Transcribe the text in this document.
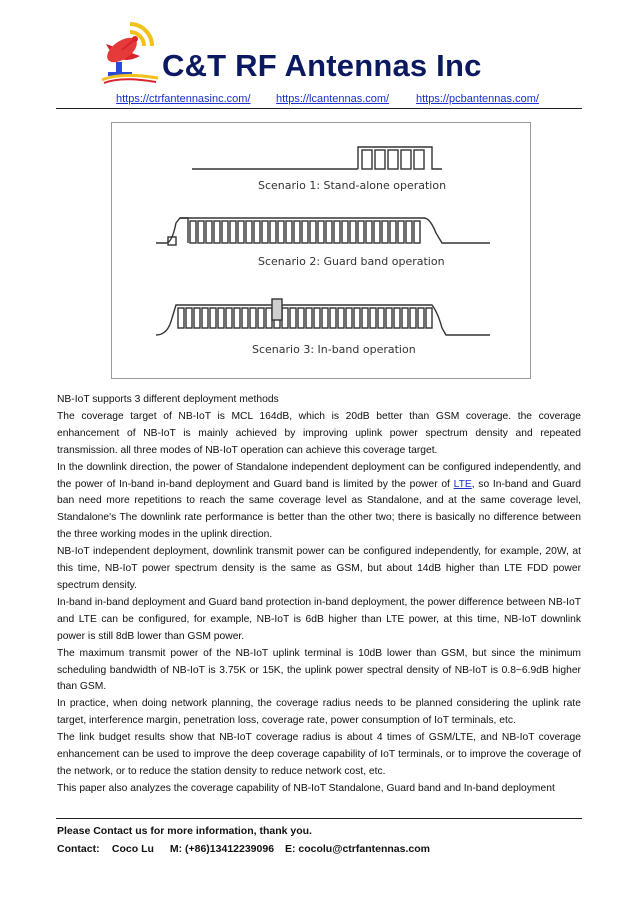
C&T RF Antennas Inc
https://ctrfantennasinc.com/ https://lcantennas.com/ https://pcbantennas.com/
Scenario 1: Stand-alone operation
Scenario 2: Guard band operation
Scenario 3: In-band operation

NB-IoT supports 3 different deployment methods

The coverage target of NB-IoT is MCL 164dB, which is 20dB better than GSM coverage. the coverage enhancement of NB-IoT is mainly achieved by improving uplink power spectrum density and repeated transmission. all three modes of NB-IoT operation can achieve this coverage target.

In the downlink direction, the power of Standalone independent deployment can be configured independently, and the power of In-band in-band deployment and Guard band is limited by the power of LTE, so In-band and Guard ban need more repetitions to reach the same coverage level as Standalone, and at the same coverage level, Standalone's The downlink rate performance is better than the other two; there is basically no difference between the three working modes in the uplink direction.

NB-IoT independent deployment, downlink transmit power can be configured independently, for example, 20W, at this time, NB-IoT power spectrum density is the same as GSM, but about 14dB higher than LTE FDD power spectrum density.

In-band in-band deployment and Guard band protection in-band deployment, the power difference between NB-IoT and LTE can be configured, for example, NB-IoT is 6dB higher than LTE power, at this time, NB-IoT downlink power is still 8dB lower than GSM power.

The maximum transmit power of the NB-IoT uplink terminal is 10dB lower than GSM, but since the minimum scheduling bandwidth of NB-IoT is 3.75K or 15K, the uplink power spectral density of NB-IoT is 0.8~6.9dB higher than GSM.

In practice, when doing network planning, the coverage radius needs to be planned considering the uplink rate target, interference margin, penetration loss, coverage rate, power consumption of IoT terminals, etc.

The link budget results show that NB-IoT coverage radius is about 4 times of GSM/LTE, and NB-IoT coverage enhancement can be used to improve the deep coverage capability of IoT terminals, or to improve the coverage of the network, or to reduce the station density to reduce network cost, etc.

This paper also analyzes the coverage capability of NB-IoT Standalone, Guard band and In-band deployment

Please Contact us for more information, thank you.
Contact: Coco Lu M: (+86)13412239096 E: cocolu@ctrfantennas.com
